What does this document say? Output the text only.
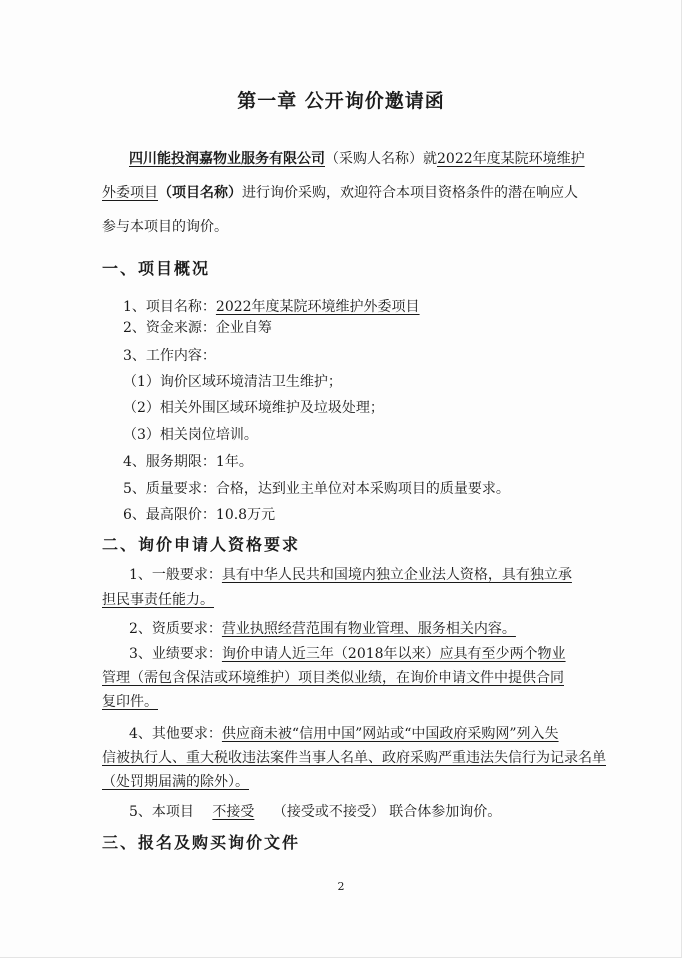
第一章 公开询价邀请函
四川能投润嘉物业服务有限公司（采购人名称）就2022年度某院环境维护
外委项目（项目名称）进行询价采购，欢迎符合本项目资格条件的潜在响应人
参与本项目的询价。
一、项目概况
1、项目名称：2022年度某院环境维护外委项目
2、资金来源：企业自筹
3、工作内容：
（1）询价区域环境清洁卫生维护；
（2）相关外围区域环境维护及垃圾处理；
（3）相关岗位培训。
4、服务期限：1年。
5、质量要求：合格，达到业主单位对本采购项目的质量要求。
6、最高限价：10.8万元
二、询价申请人资格要求
1、一般要求：具有中华人民共和国境内独立企业法人资格，具有独立承
担民事责任能力。
2、资质要求：营业执照经营范围有物业管理、服务相关内容。
3、业绩要求：询价申请人近三年（2018年以来）应具有至少两个物业
管理（需包含保洁或环境维护）项目类似业绩，在询价申请文件中提供合同
复印件。
4、其他要求：供应商未被“信用中国”网站或“中国政府采购网”列入失
信被执行人、重大税收违法案件当事人名单、政府采购严重违法失信行为记录名单
（处罚期届满的除外）。
5、本项目 不接受 （接受或不接受） 联合体参加询价。
三、报名及购买询价文件
2
